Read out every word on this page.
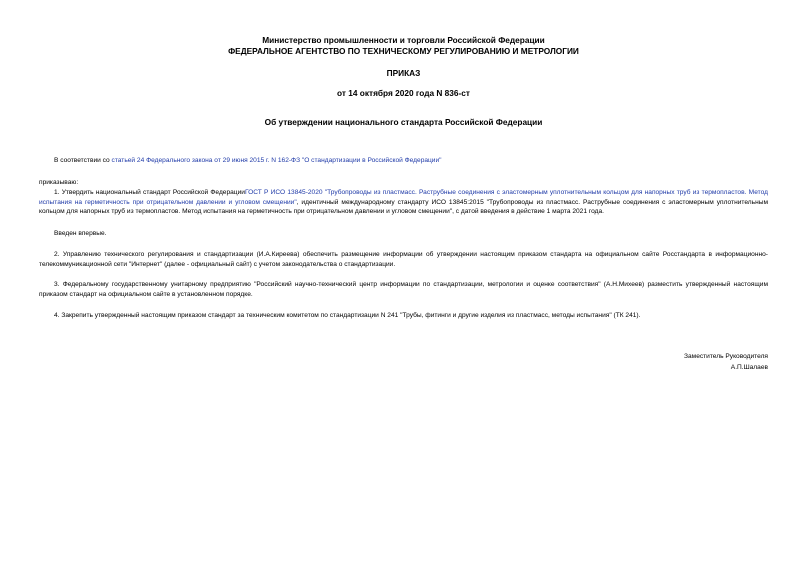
Министерство промышленности и торговли Российской Федерации
ФЕДЕРАЛЬНОЕ АГЕНТСТВО ПО ТЕХНИЧЕСКОМУ РЕГУЛИРОВАНИЮ И МЕТРОЛОГИИ
ПРИКАЗ
от 14 октября 2020 года N 836-ст
Об утверждении национального стандарта Российской Федерации
В соответствии со статьей 24 Федерального закона от 29 июня 2015 г. N 162-ФЗ "О стандартизации в Российской Федерации"
приказываю:
1. Утвердить национальный стандарт Российской ФедерацииГОСТ Р ИСО 13845-2020 "Трубопроводы из пластмасс. Раструбные соединения с эластомерным уплотнительным кольцом для напорных труб из термопластов. Метод испытания на герметичность при отрицательном давлении и угловом смещении", идентичный международному стандарту ИСО 13845:2015 "Трубопроводы из пластмасс. Раструбные соединения с эластомерным уплотнительным кольцом для напорных труб из термопластов. Метод испытания на герметичность при отрицательном давлении и угловом смещении", с датой введения в действие 1 марта 2021 года.
Введен впервые.
2. Управлению технического регулирования и стандартизации (И.А.Киреева) обеспечить размещение информации об утверждении настоящим приказом стандарта на официальном сайте Росстандарта в информационно-телекоммуникационной сети "Интернет" (далее - официальный сайт) с учетом законодательства о стандартизации.
3. Федеральному государственному унитарному предприятию "Российский научно-технический центр информации по стандартизации, метрологии и оценке соответствия" (А.Н.Михеев) разместить утвержденный настоящим приказом стандарт на официальном сайте в установленном порядке.
4. Закрепить утвержденный настоящим приказом стандарт за техническим комитетом по стандартизации N 241 "Трубы, фитинги и другие изделия из пластмасс, методы испытания" (ТК 241).
Заместитель Руководителя
А.П.Шалаев
